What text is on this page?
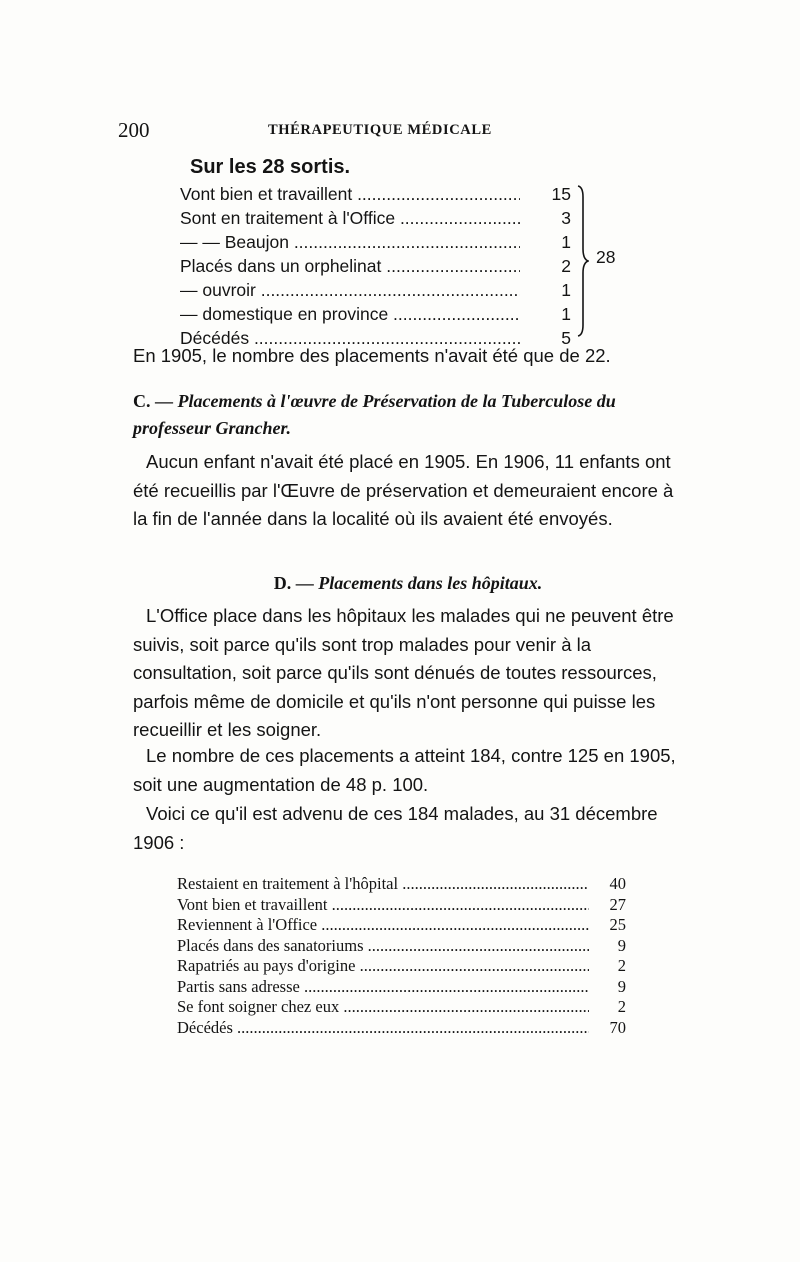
200	THÉRAPEUTIQUE MÉDICALE
Sur les 28 sortis.
Vont bien et travaillent .....	15
Sont en traitement à l'Office .....	3
— — Beaujon .....	1
Placés dans un orphelinat .....	2
— ouvroir .....	1
— domestique en province .....	1
Décédés .....	5
28
En 1905, le nombre des placements n'avait été que de 22.
C. — Placements à l'œuvre de Préservation de la Tuberculose du professeur Grancher.
Aucun enfant n'avait été placé en 1905. En 1906, 11 enfants ont été recueillis par l'Œuvre de préservation et demeuraient encore à la fin de l'année dans la localité où ils avaient été envoyés.
D. — Placements dans les hôpitaux.
L'Office place dans les hôpitaux les malades qui ne peuvent être suivis, soit parce qu'ils sont trop malades pour venir à la consultation, soit parce qu'ils sont dénués de toutes ressources, parfois même de domicile et qu'ils n'ont personne qui puisse les recueillir et les soigner.
Le nombre de ces placements a atteint 184, contre 125 en 1905, soit une augmentation de 48 p. 100.
Voici ce qu'il est advenu de ces 184 malades, au 31 décembre 1906 :
Restaient en traitement à l'hôpital .....	40
Vont bien et travaillent .....	27
Reviennent à l'Office .....	25
Placés dans des sanatoriums .....	9
Rapatriés au pays d'origine .....	2
Partis sans adresse .....	9
Se font soigner chez eux .....	2
Décédés .....	70
